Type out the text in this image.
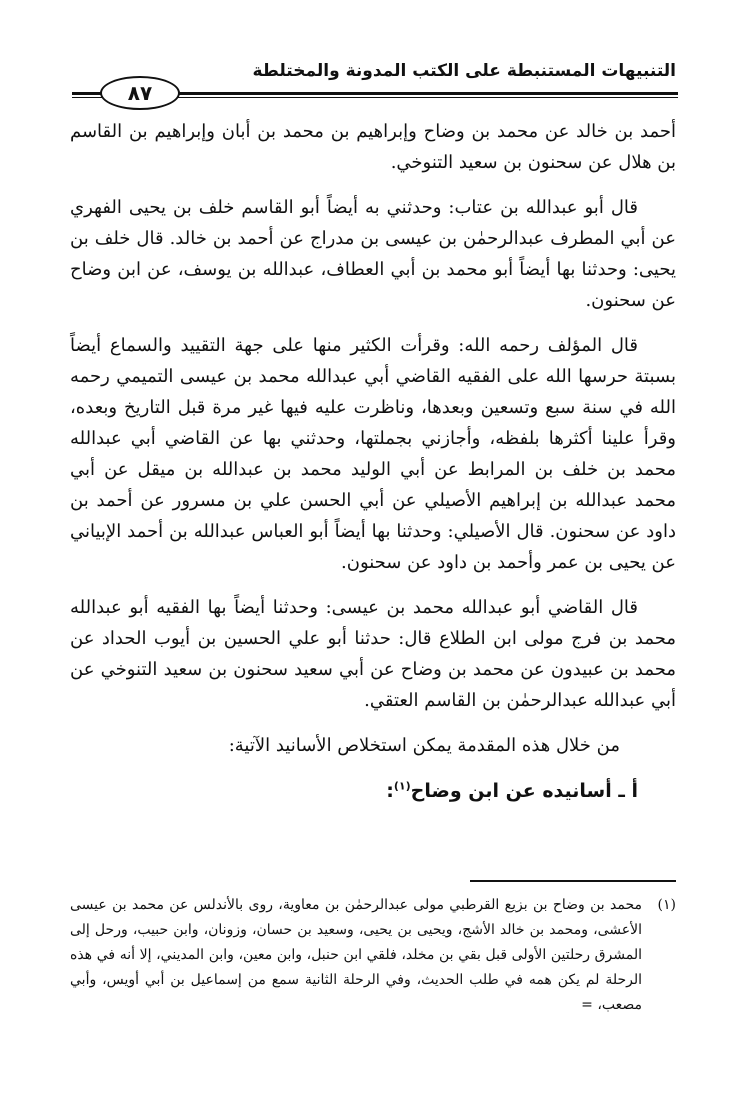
التنبيهات المستنبطة على الكتب المدونة والمختلطة
٨٧

أحمد بن خالد عن محمد بن وضاح وإبراهيم بن محمد بن أبان وإبراهيم بن القاسم بن هلال عن سحنون بن سعيد التنوخي.

قال أبو عبدالله بن عتاب: وحدثني به أيضاً أبو القاسم خلف بن يحيى الفهري عن أبي المطرف عبدالرحمٰن بن عيسى بن مدراج عن أحمد بن خالد. قال خلف بن يحيى: وحدثنا بها أيضاً أبو محمد بن أبي العطاف، عبدالله بن يوسف، عن ابن وضاح عن سحنون.

قال المؤلف رحمه الله: وقرأت الكثير منها على جهة التقييد والسماع أيضاً بسبتة حرسها الله على الفقيه القاضي أبي عبدالله محمد بن عيسى التميمي رحمه الله في سنة سبع وتسعين وبعدها، وناظرت عليه فيها غير مرة قبل التاريخ وبعده، وقرأ علينا أكثرها بلفظه، وأجازني بجملتها، وحدثني بها عن القاضي أبي عبدالله محمد بن خلف بن المرابط عن أبي الوليد محمد بن عبدالله بن ميقل عن أبي محمد عبدالله بن إبراهيم الأصيلي عن أبي الحسن علي بن مسرور عن أحمد بن داود عن سحنون. قال الأصيلي: وحدثنا بها أيضاً أبو العباس عبدالله بن أحمد الإبياني عن يحيى بن عمر وأحمد بن داود عن سحنون.

قال القاضي أبو عبدالله محمد بن عيسى: وحدثنا أيضاً بها الفقيه أبو عبدالله محمد بن فرج مولى ابن الطلاع قال: حدثنا أبو علي الحسين بن أيوب الحداد عن محمد بن عبيدون عن محمد بن وضاح عن أبي سعيد سحنون بن سعيد التنوخي عن أبي عبدالله عبدالرحمٰن بن القاسم العتقي.

من خلال هذه المقدمة يمكن استخلاص الأسانيد الآتية:

أ ـ أسانيده عن ابن وضاح$^{(١)}$:
(١)
محمد بن وضاح بن بزيع القرطبي مولى عبدالرحمٰن بن معاوية، روى بالأندلس عن محمد بن عيسى الأعشى، ومحمد بن خالد الأشج، ويحيى بن يحيى، وسعيد بن حسان، وزونان، وابن حبيب، ورحل إلى المشرق رحلتين الأولى قبل بقي بن مخلد، فلقي ابن حنبل، وابن معين، وابن المديني، إلا أنه في هذه الرحلة لم يكن همه في طلب الحديث، وفي الرحلة الثانية سمع من إسماعيل بن أبي أويس، وأبي مصعب، =
